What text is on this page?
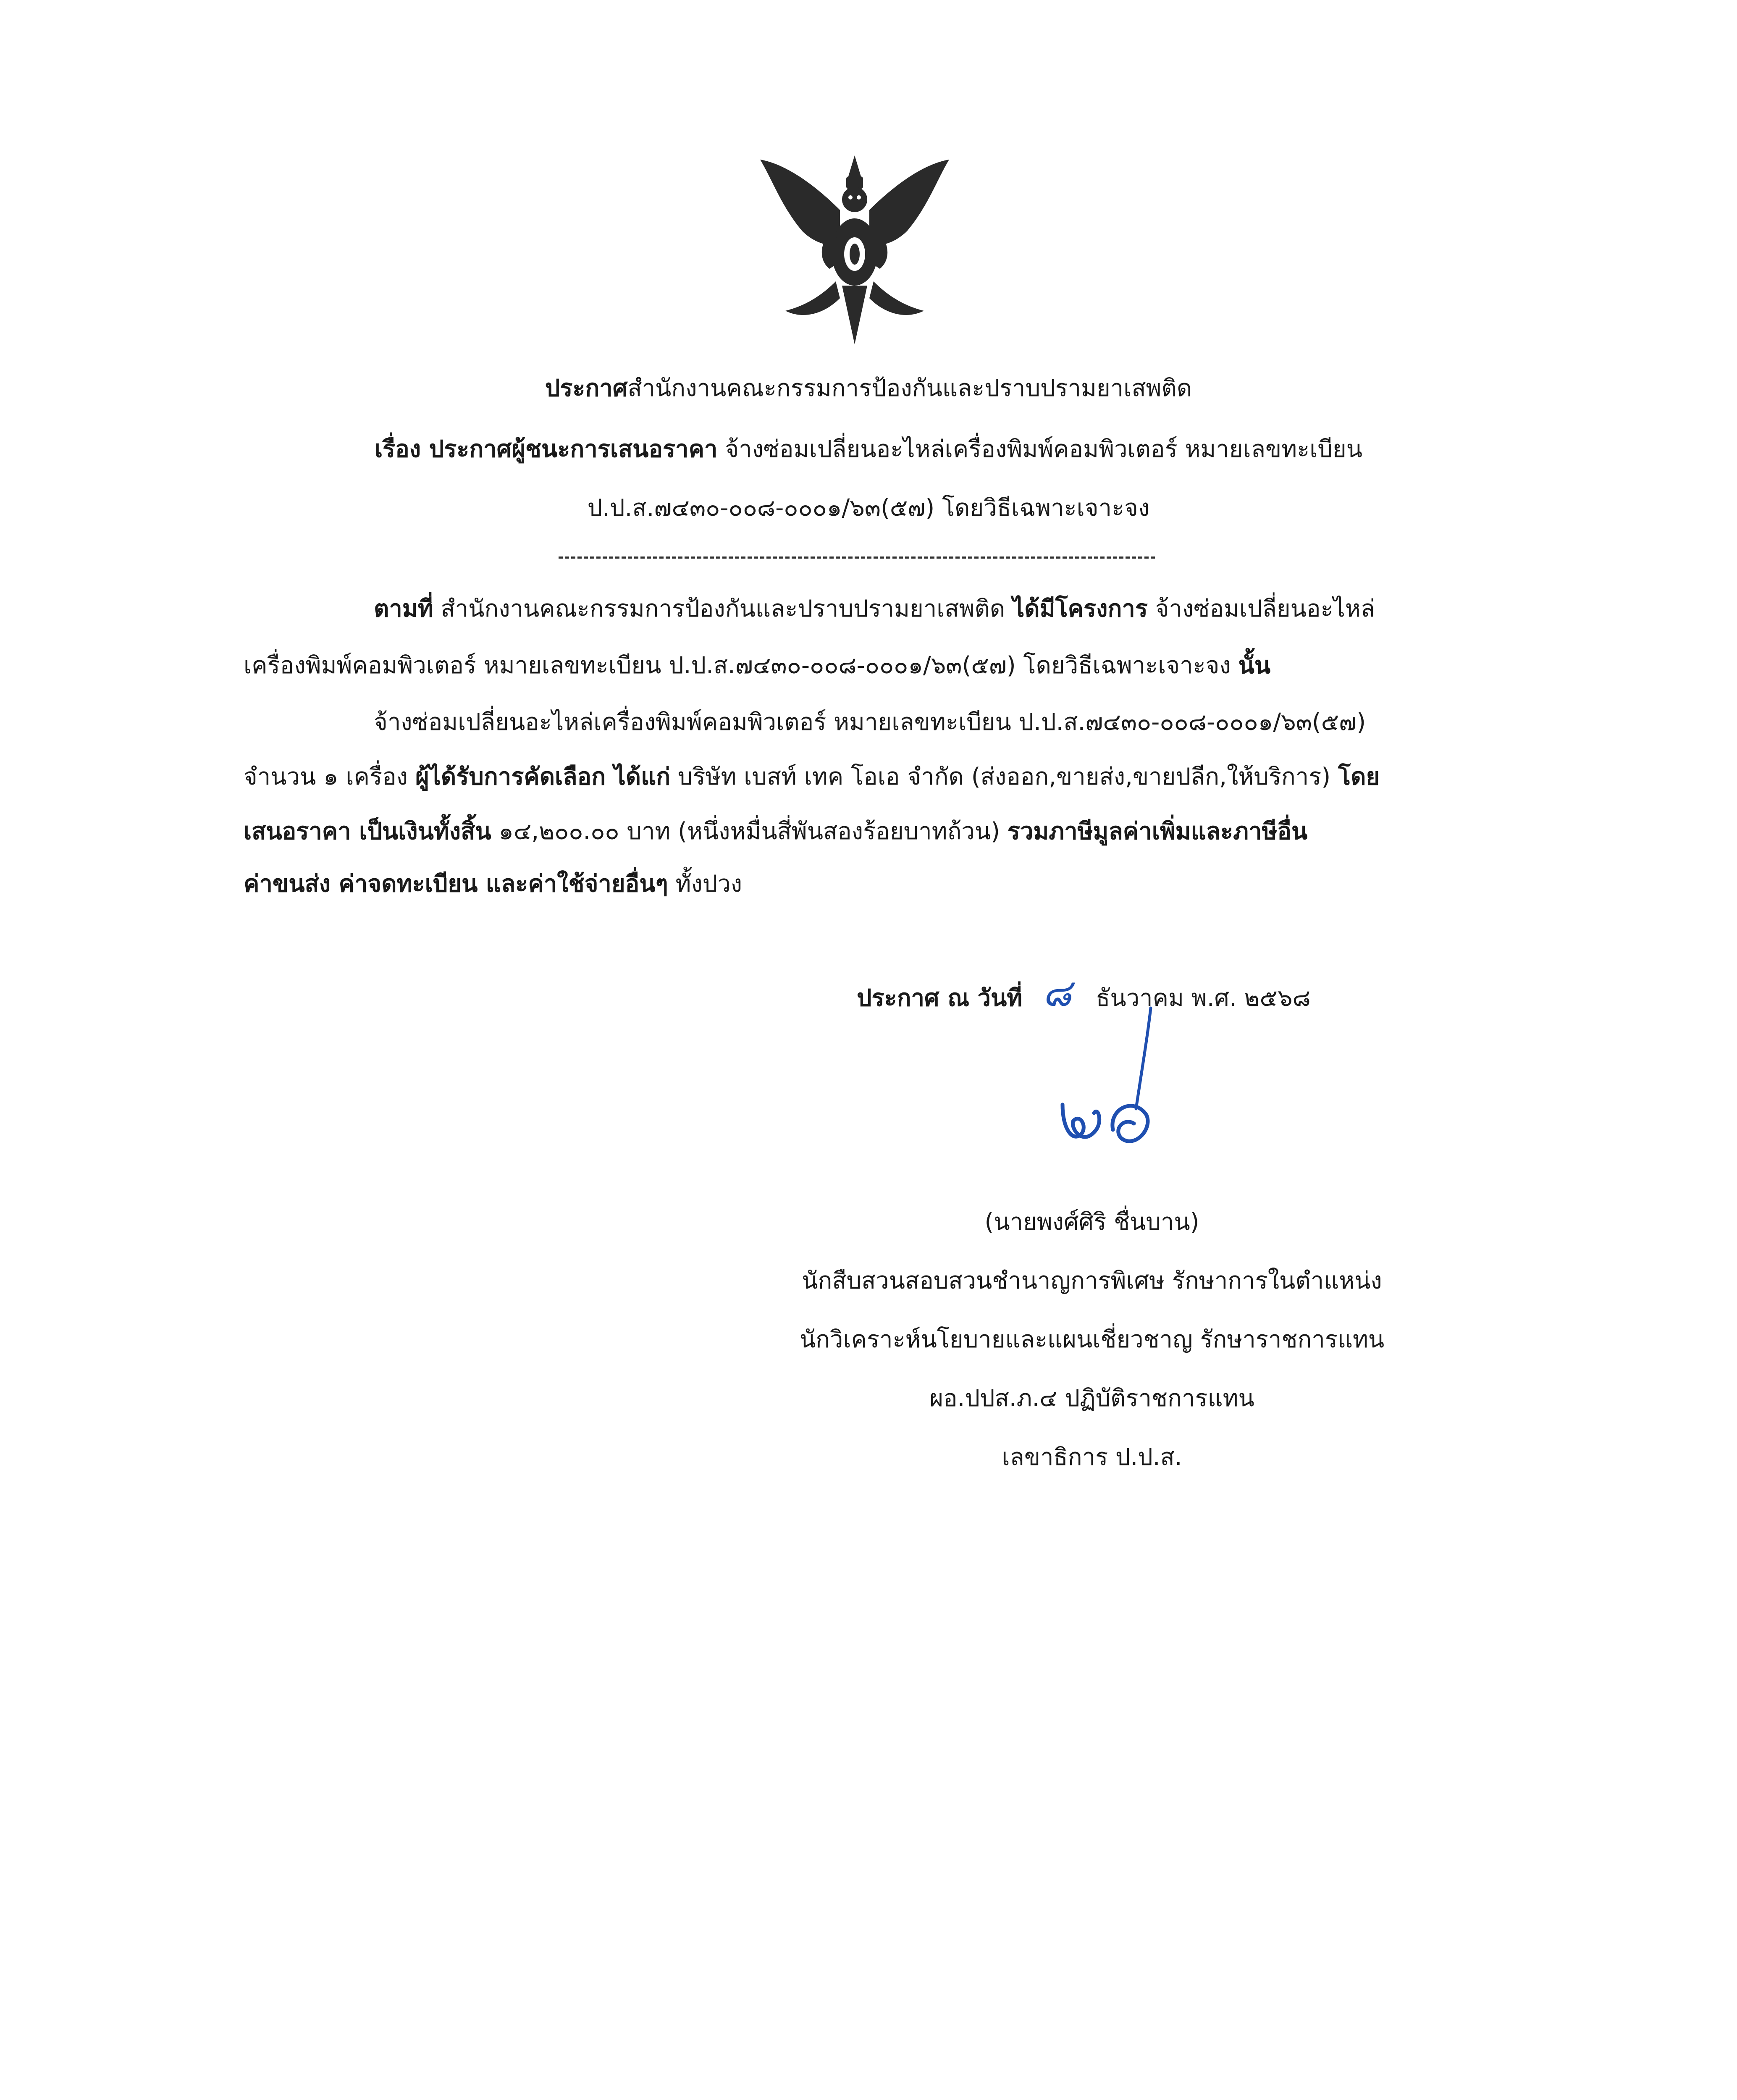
ประกาศสำนักงานคณะกรรมการป้องกันและปราบปรามยาเสพติด
เรื่อง ประกาศผู้ชนะการเสนอราคา จ้างซ่อมเปลี่ยนอะไหล่เครื่องพิมพ์คอมพิวเตอร์ หมายเลขทะเบียน
ป.ป.ส.๗๔๓๐-๐๐๘-๐๐๐๑/๖๓(๕๗) โดยวิธีเฉพาะเจาะจง
ตามที่ สำนักงานคณะกรรมการป้องกันและปราบปรามยาเสพติด ได้มีโครงการ จ้างซ่อมเปลี่ยนอะไหล่
เครื่องพิมพ์คอมพิวเตอร์ หมายเลขทะเบียน ป.ป.ส.๗๔๓๐-๐๐๘-๐๐๐๑/๖๓(๕๗) โดยวิธีเฉพาะเจาะจง นั้น
จ้างซ่อมเปลี่ยนอะไหล่เครื่องพิมพ์คอมพิวเตอร์ หมายเลขทะเบียน ป.ป.ส.๗๔๓๐-๐๐๘-๐๐๐๑/๖๓(๕๗)
จำนวน ๑ เครื่อง ผู้ได้รับการคัดเลือก ได้แก่ บริษัท เบสท์ เทค โอเอ จำกัด (ส่งออก,ขายส่ง,ขายปลีก,ให้บริการ) โดย
เสนอราคา เป็นเงินทั้งสิ้น ๑๔,๒๐๐.๐๐ บาท (หนึ่งหมื่นสี่พันสองร้อยบาทถ้วน) รวมภาษีมูลค่าเพิ่มและภาษีอื่น
ค่าขนส่ง ค่าจดทะเบียน และค่าใช้จ่ายอื่นๆ ทั้งปวง
ประกาศ ณ วันที่ ๘ ธันวาคม พ.ศ. ๒๕๖๘
(นายพงศ์ศิริ ชื่นบาน)
นักสืบสวนสอบสวนชำนาญการพิเศษ รักษาการในตำแหน่ง
นักวิเคราะห์นโยบายและแผนเชี่ยวชาญ รักษาราชการแทน
ผอ.ปปส.ภ.๔ ปฏิบัติราชการแทน
เลขาธิการ ป.ป.ส.
